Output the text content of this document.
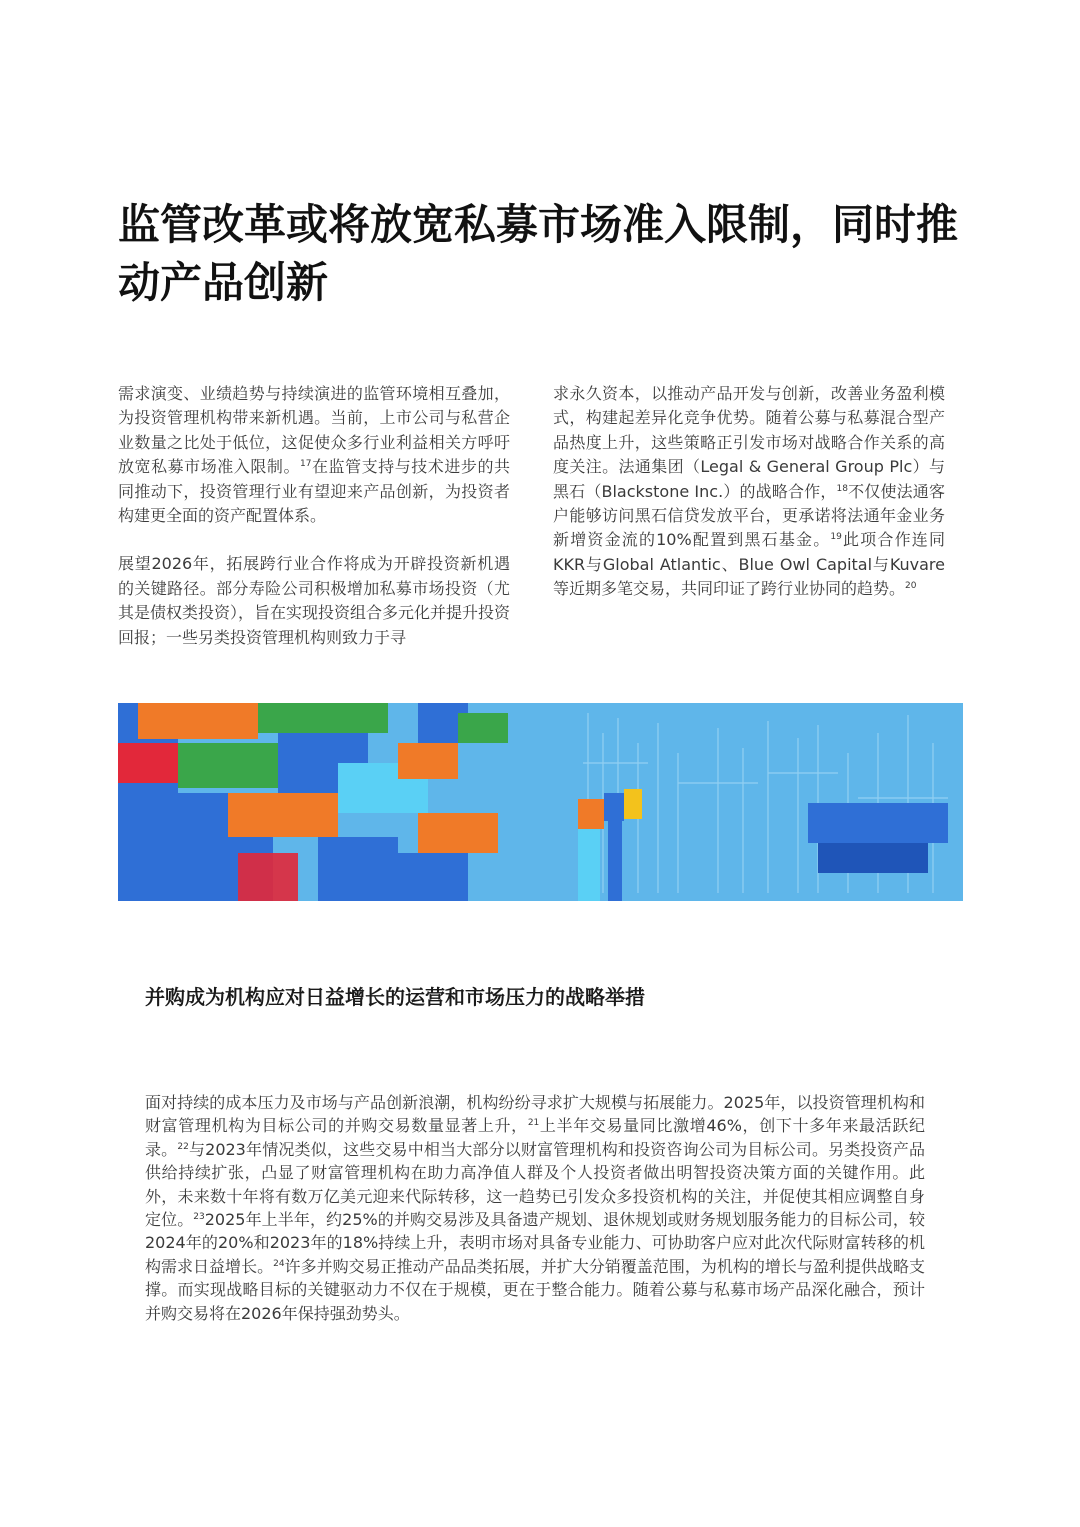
监管改革或将放宽私募市场准入限制，同时推动产品创新

需求演变、业绩趋势与持续演进的监管环境相互叠加，为投资管理机构带来新机遇。当前，上市公司与私营企业数量之比处于低位，这促使众多行业利益相关方呼吁放宽私募市场准入限制。$^{17}$在监管支持与技术进步的共同推动下，投资管理行业有望迎来产品创新，为投资者构建更全面的资产配置体系。

展望2026年，拓展跨行业合作将成为开辟投资新机遇的关键路径。部分寿险公司积极增加私募市场投资（尤其是债权类投资），旨在实现投资组合多元化并提升投资回报；一些另类投资管理机构则致力于寻

求永久资本，以推动产品开发与创新，改善业务盈利模式，构建起差异化竞争优势。随着公募与私募混合型产品热度上升，这些策略正引发市场对战略合作关系的高度关注。法通集团（Legal & General Group Plc）与黑石（Blackstone Inc.）的战略合作，$^{18}$不仅使法通客户能够访问黑石信贷发放平台，更承诺将法通年金业务新增资金流的10%配置到黑石基金。$^{19}$此项合作连同KKR与Global Atlantic、Blue Owl Capital与Kuvare等近期多笔交易，共同印证了跨行业协同的趋势。$^{20}$

并购成为机构应对日益增长的运营和市场压力的战略举措

面对持续的成本压力及市场与产品创新浪潮，机构纷纷寻求扩大规模与拓展能力。2025年，以投资管理机构和财富管理机构为目标公司的并购交易数量显著上升，$^{21}$上半年交易量同比激增46%，创下十多年来最活跃纪录。$^{22}$与2023年情况类似，这些交易中相当大部分以财富管理机构和投资咨询公司为目标公司。另类投资产品供给持续扩张，凸显了财富管理机构在助力高净值人群及个人投资者做出明智投资决策方面的关键作用。此外，未来数十年将有数万亿美元迎来代际转移，这一趋势已引发众多投资机构的关注，并促使其相应调整自身定位。$^{23}$2025年上半年，约25%的并购交易涉及具备遗产规划、退休规划或财务规划服务能力的目标公司，较2024年的20%和2023年的18%持续上升，表明市场对具备专业能力、可协助客户应对此次代际财富转移的机构需求日益增长。$^{24}$许多并购交易正推动产品品类拓展，并扩大分销覆盖范围，为机构的增长与盈利提供战略支撑。而实现战略目标的关键驱动力不仅在于规模，更在于整合能力。随着公募与私募市场产品深化融合，预计并购交易将在2026年保持强劲势头。
